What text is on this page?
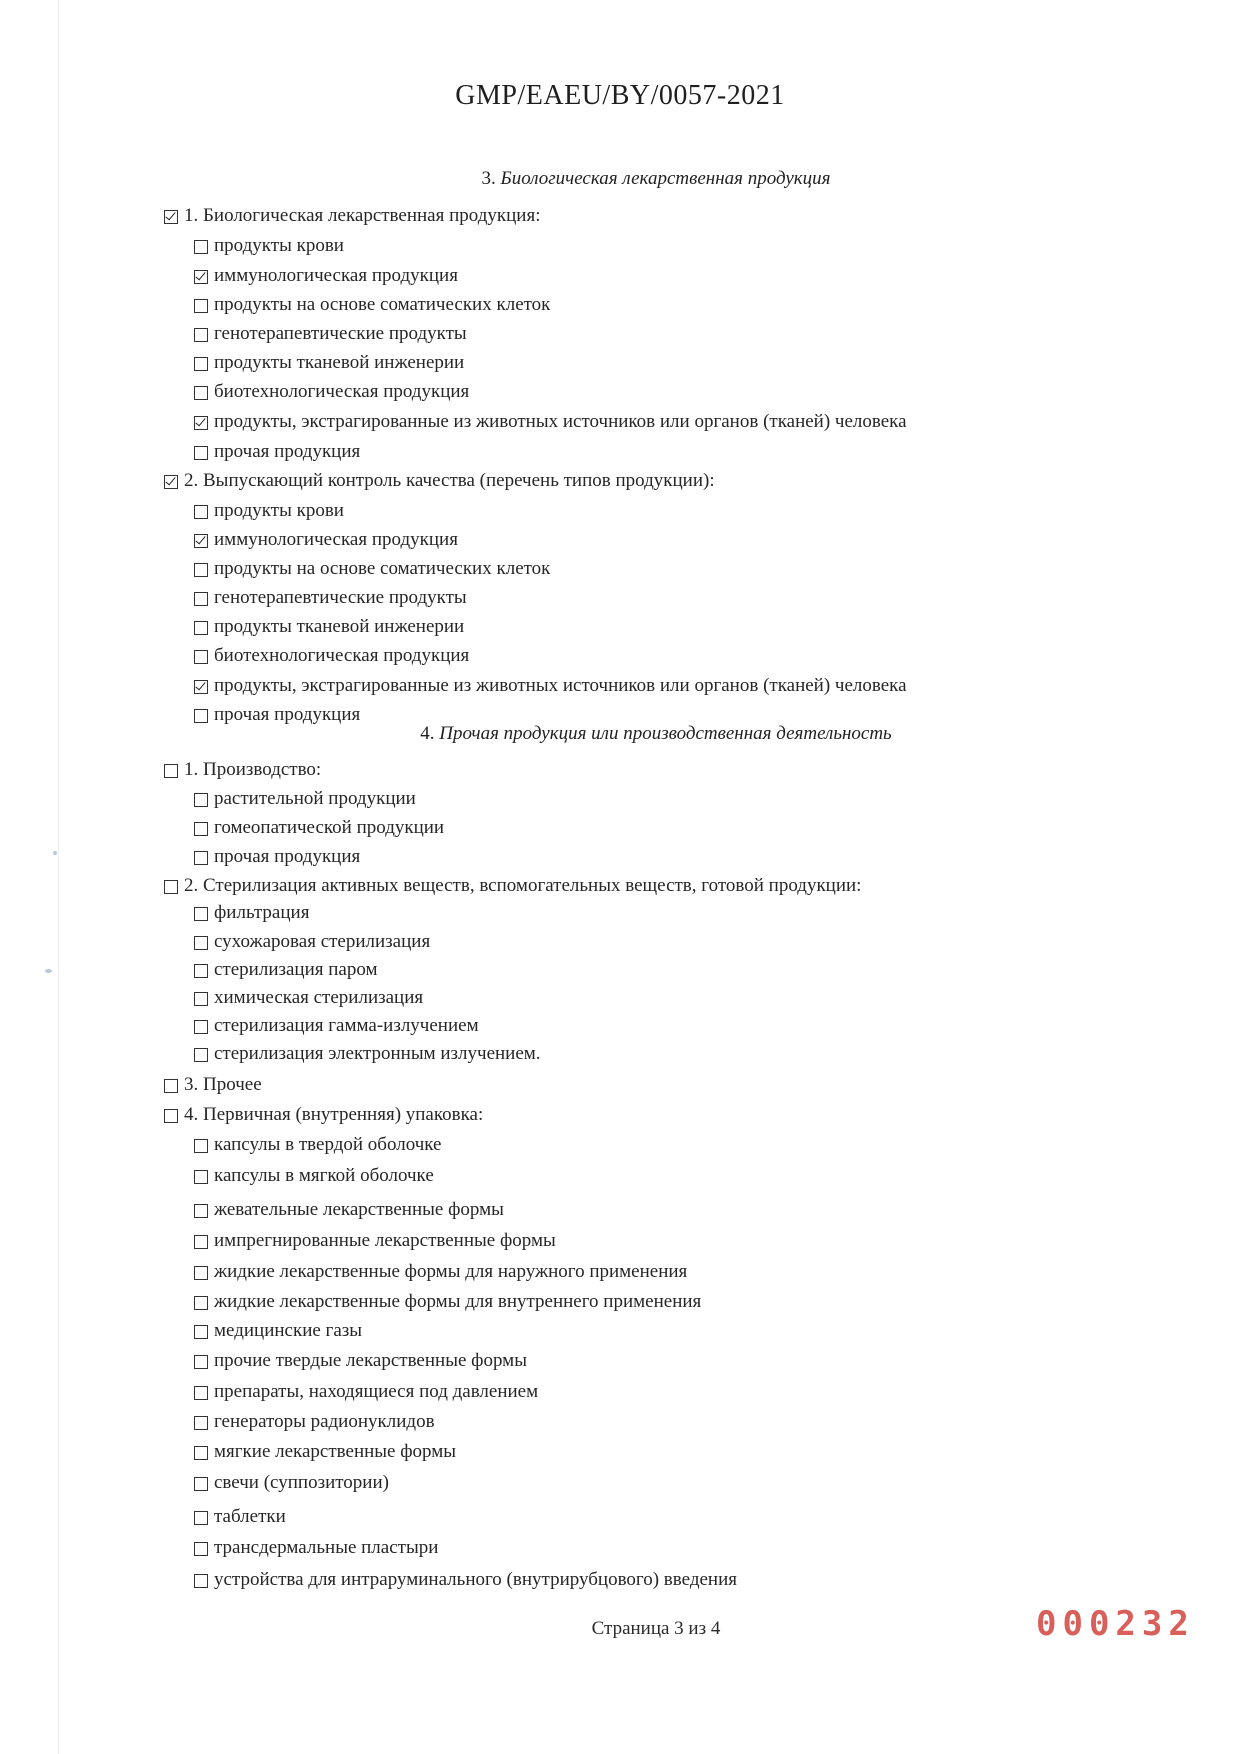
GMP/EAEU/BY/0057-2021
3. Биологическая лекарственная продукция
1. Биологическая лекарственная продукция:
продукты крови
иммунологическая продукция
продукты на основе соматических клеток
генотерапевтические продукты
продукты тканевой инженерии
биотехнологическая продукция
продукты, экстрагированные из животных источников или органов (тканей) человека
прочая продукция
2. Выпускающий контроль качества (перечень типов продукции):
продукты крови
иммунологическая продукция
продукты на основе соматических клеток
генотерапевтические продукты
продукты тканевой инженерии
биотехнологическая продукция
продукты, экстрагированные из животных источников или органов (тканей) человека
прочая продукция
4. Прочая продукция или производственная деятельность
1. Производство:
растительной продукции
гомеопатической продукции
прочая продукция
2. Стерилизация активных веществ, вспомогательных веществ, готовой продукции:
фильтрация
сухожаровая стерилизация
стерилизация паром
химическая стерилизация
стерилизация гамма-излучением
стерилизация электронным излучением.
3. Прочее
4. Первичная (внутренняя) упаковка:
капсулы в твердой оболочке
капсулы в мягкой оболочке
жевательные лекарственные формы
импрегнированные лекарственные формы
жидкие лекарственные формы для наружного применения
жидкие лекарственные формы для внутреннего применения
медицинские газы
прочие твердые лекарственные формы
препараты, находящиеся под давлением
генераторы радионуклидов
мягкие лекарственные формы
свечи (суппозитории)
таблетки
трансдермальные пластыри
устройства для интраруминального (внутрирубцового) введения
Страница 3 из 4	000232
